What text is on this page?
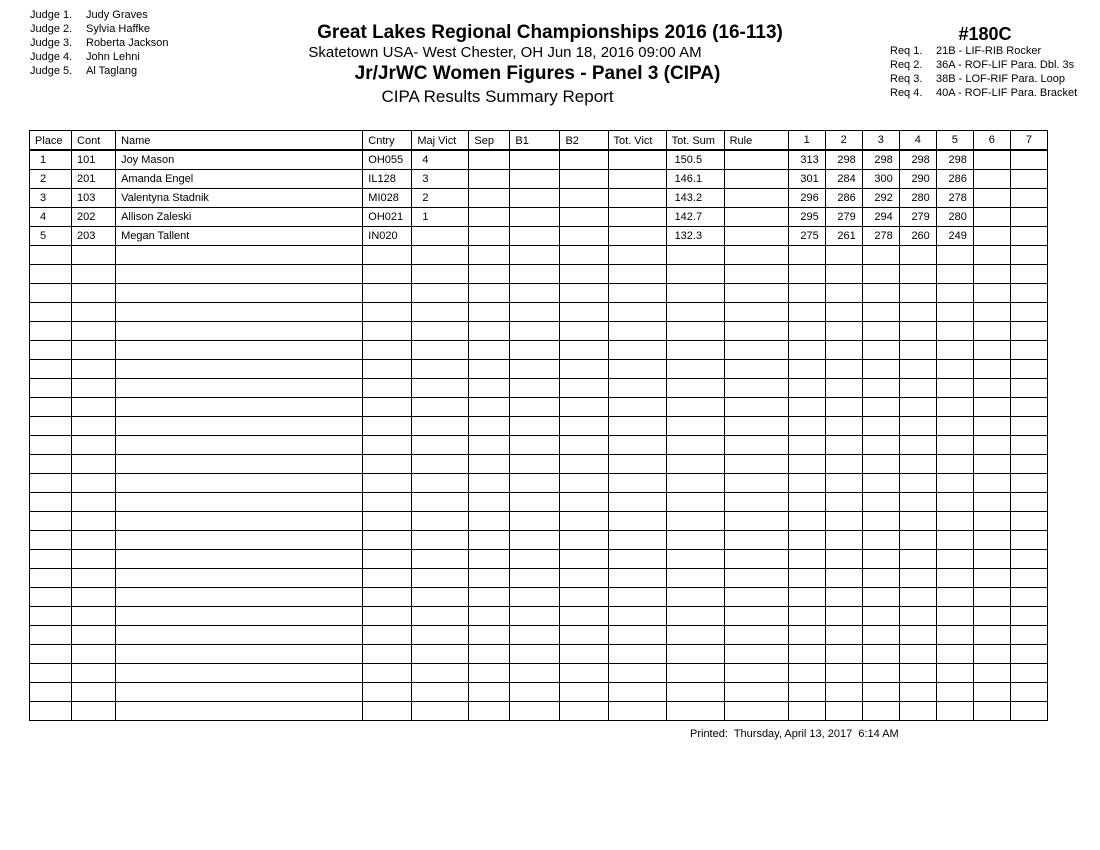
Judge 1. Judy Graves
Judge 2. Sylvia Haffke
Judge 3. Roberta Jackson
Judge 4. John Lehni
Judge 5. Al Taglang
Great Lakes Regional Championships 2016 (16-113)
Skatetown USA- West Chester, OH Jun 18, 2016 09:00 AM
Jr/JrWC Women Figures - Panel 3 (CIPA)
CIPA Results Summary Report
#180C
Req 1. 21B - LIF-RIB Rocker
Req 2. 36A - ROF-LIF Para. Dbl. 3s
Req 3. 38B - LOF-RIF Para. Loop
Req 4. 40A - ROF-LIF Para. Bracket
Place	Cont	Name	Cntry	Maj Vict	Sep	B1	B2	Tot. Vict	Tot. Sum	Rule	1	2	3	4	5	6	7
1	101	Joy Mason	OH055	4					150.5		313	298	298	298	298		
2	201	Amanda Engel	IL128	3					146.1		301	284	300	290	286		
3	103	Valentyna Stadnik	MI028	2					143.2		296	286	292	280	278		
4	202	Allison Zaleski	OH021	1					142.7		295	279	294	279	280		
5	203	Megan Tallent	IN020						132.3		275	261	278	260	249		

Printed:  Thursday, April 13, 2017  6:14 AM
